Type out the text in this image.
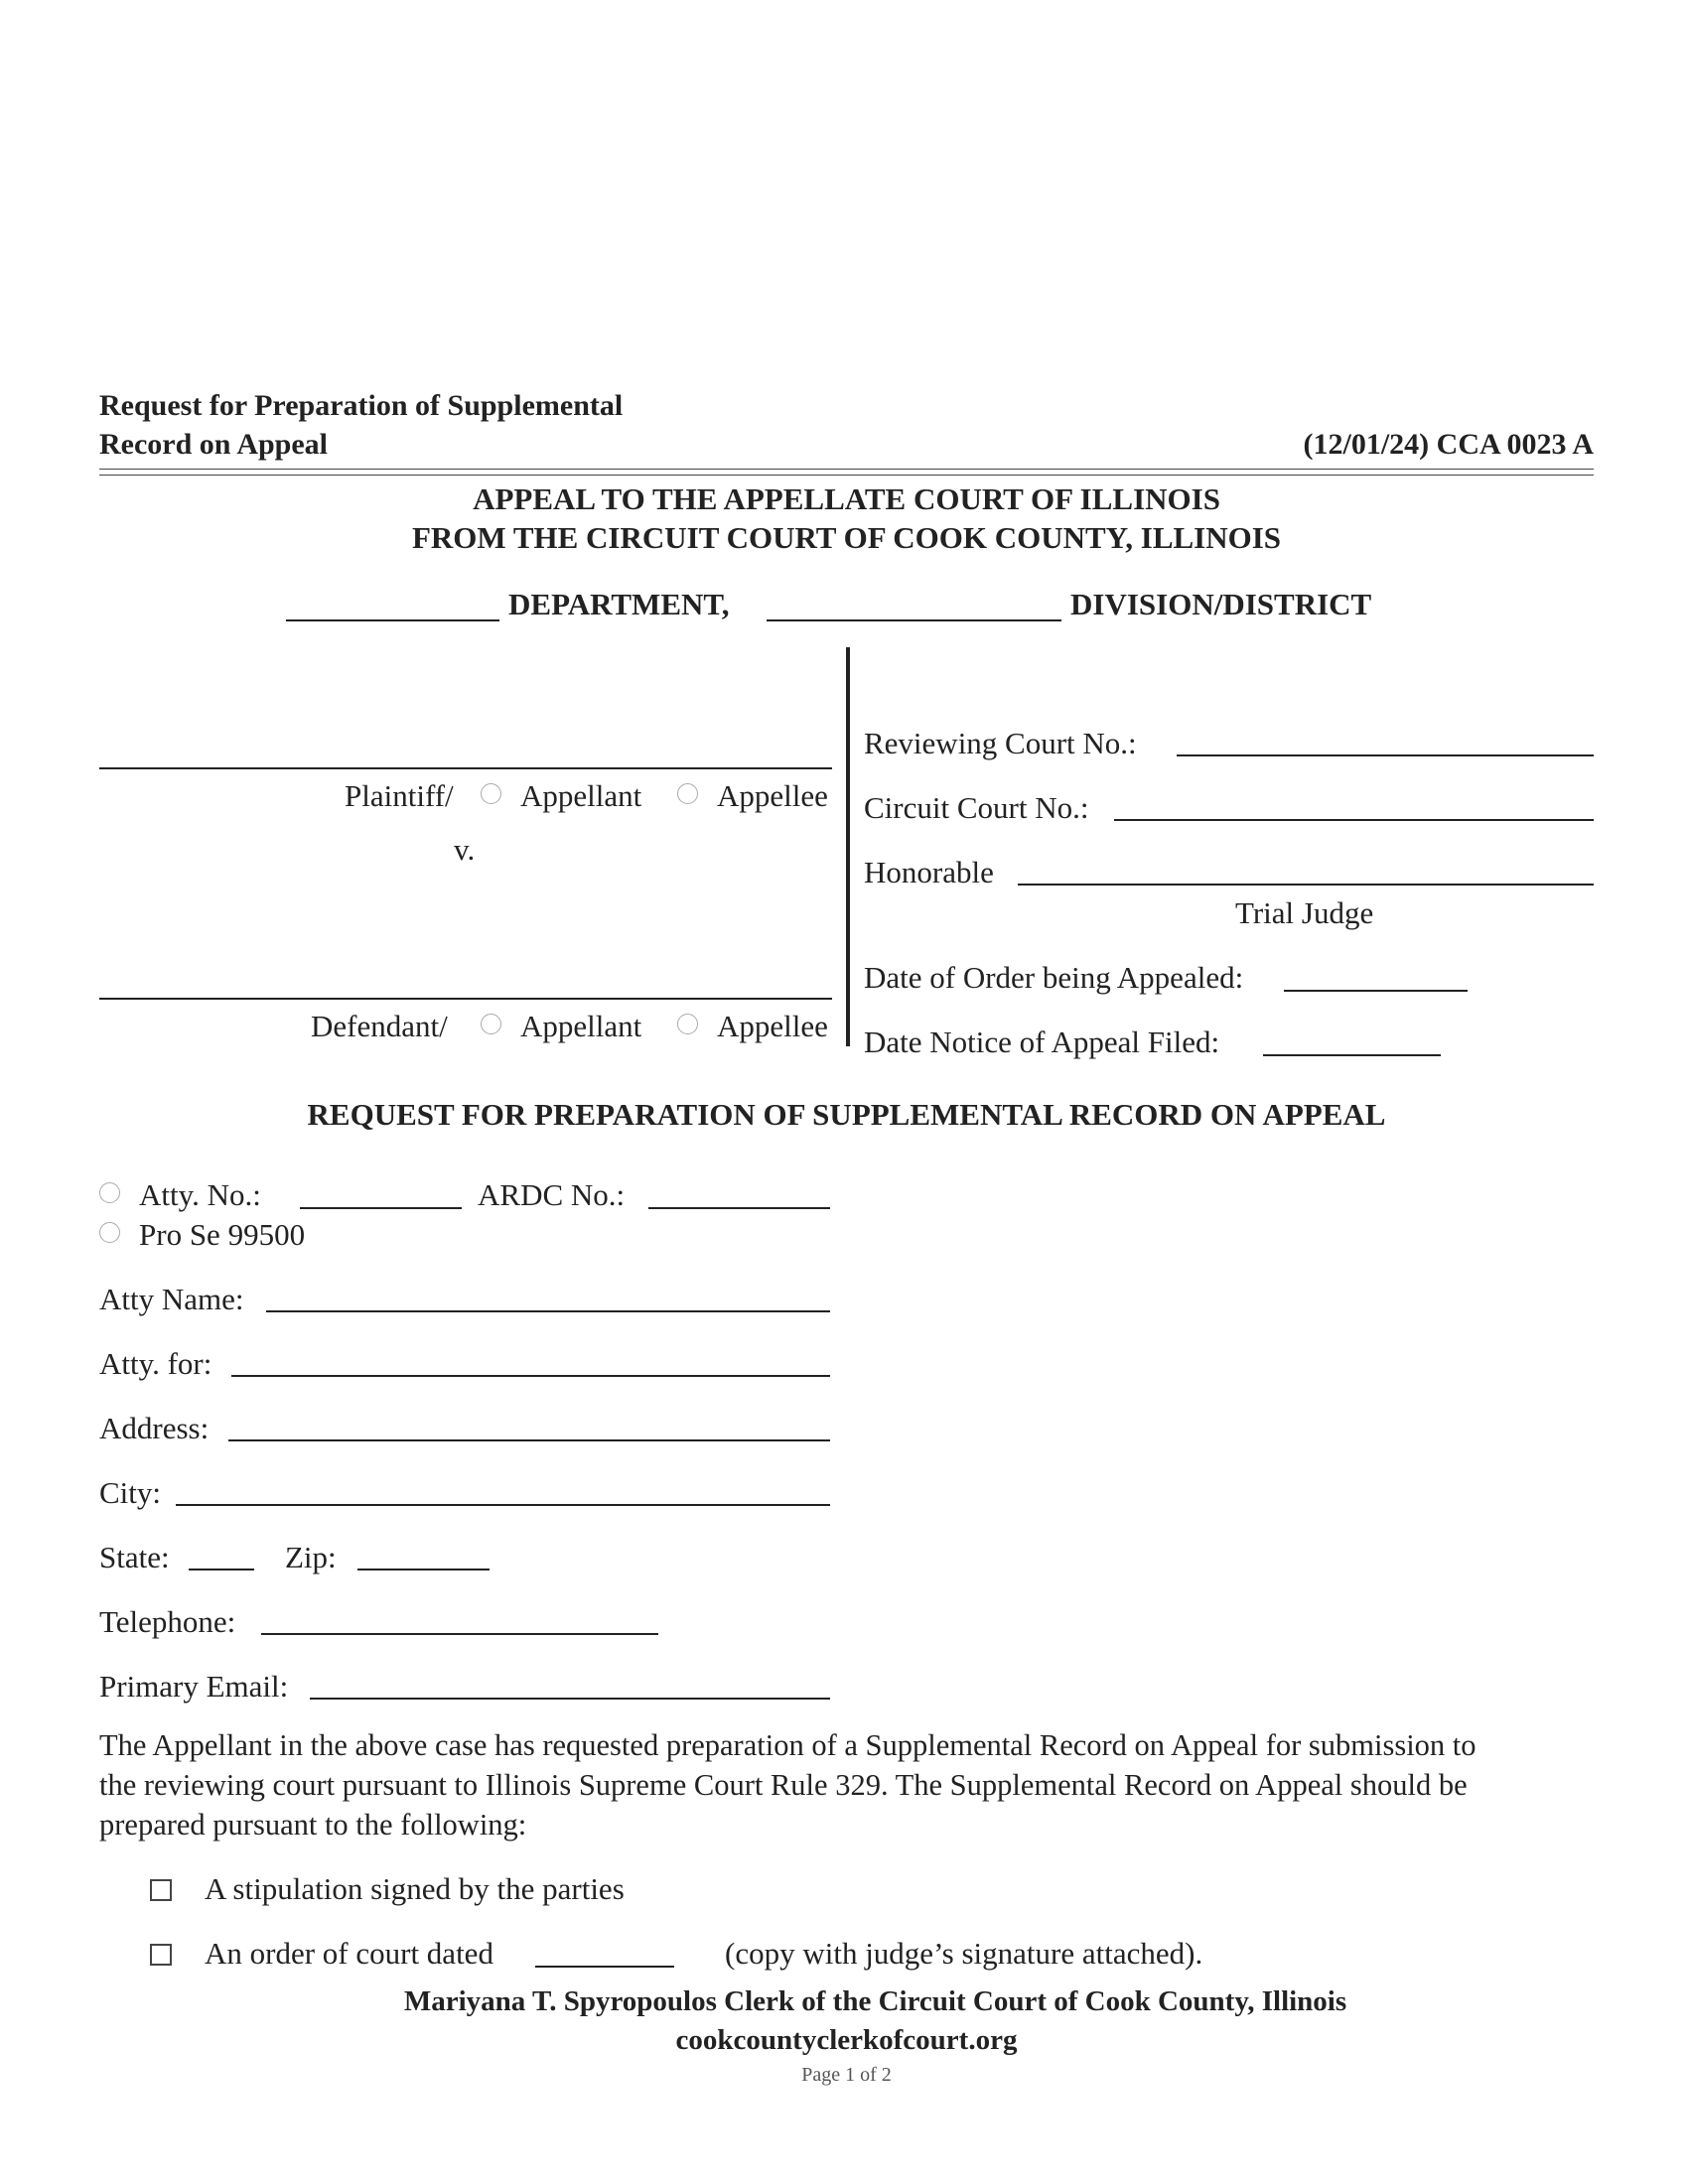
Request for Preparation of Supplemental
Record on Appeal	(12/01/24) CCA 0023 A
APPEAL TO THE APPELLATE COURT OF ILLINOIS
FROM THE CIRCUIT COURT OF COOK COUNTY, ILLINOIS
DEPARTMENT,	DIVISION/DISTRICT
Plaintiff/ Appellant Appellee
v.
Defendant/ Appellant Appellee
Reviewing Court No.:
Circuit Court No.:
Honorable
Trial Judge
Date of Order being Appealed:
Date Notice of Appeal Filed:
REQUEST FOR PREPARATION OF SUPPLEMENTAL RECORD ON APPEAL
Atty. No.:	ARDC No.:
Pro Se 99500
Atty Name:
Atty. for:
Address:
City:
State:	Zip:
Telephone:
Primary Email:
The Appellant in the above case has requested preparation of a Supplemental Record on Appeal for submission to
the reviewing court pursuant to Illinois Supreme Court Rule 329. The Supplemental Record on Appeal should be
prepared pursuant to the following:
A stipulation signed by the parties
An order of court dated	(copy with judge’s signature attached).
Mariyana T. Spyropoulos Clerk of the Circuit Court of Cook County, Illinois
cookcountyclerkofcourt.org
Page 1 of 2
